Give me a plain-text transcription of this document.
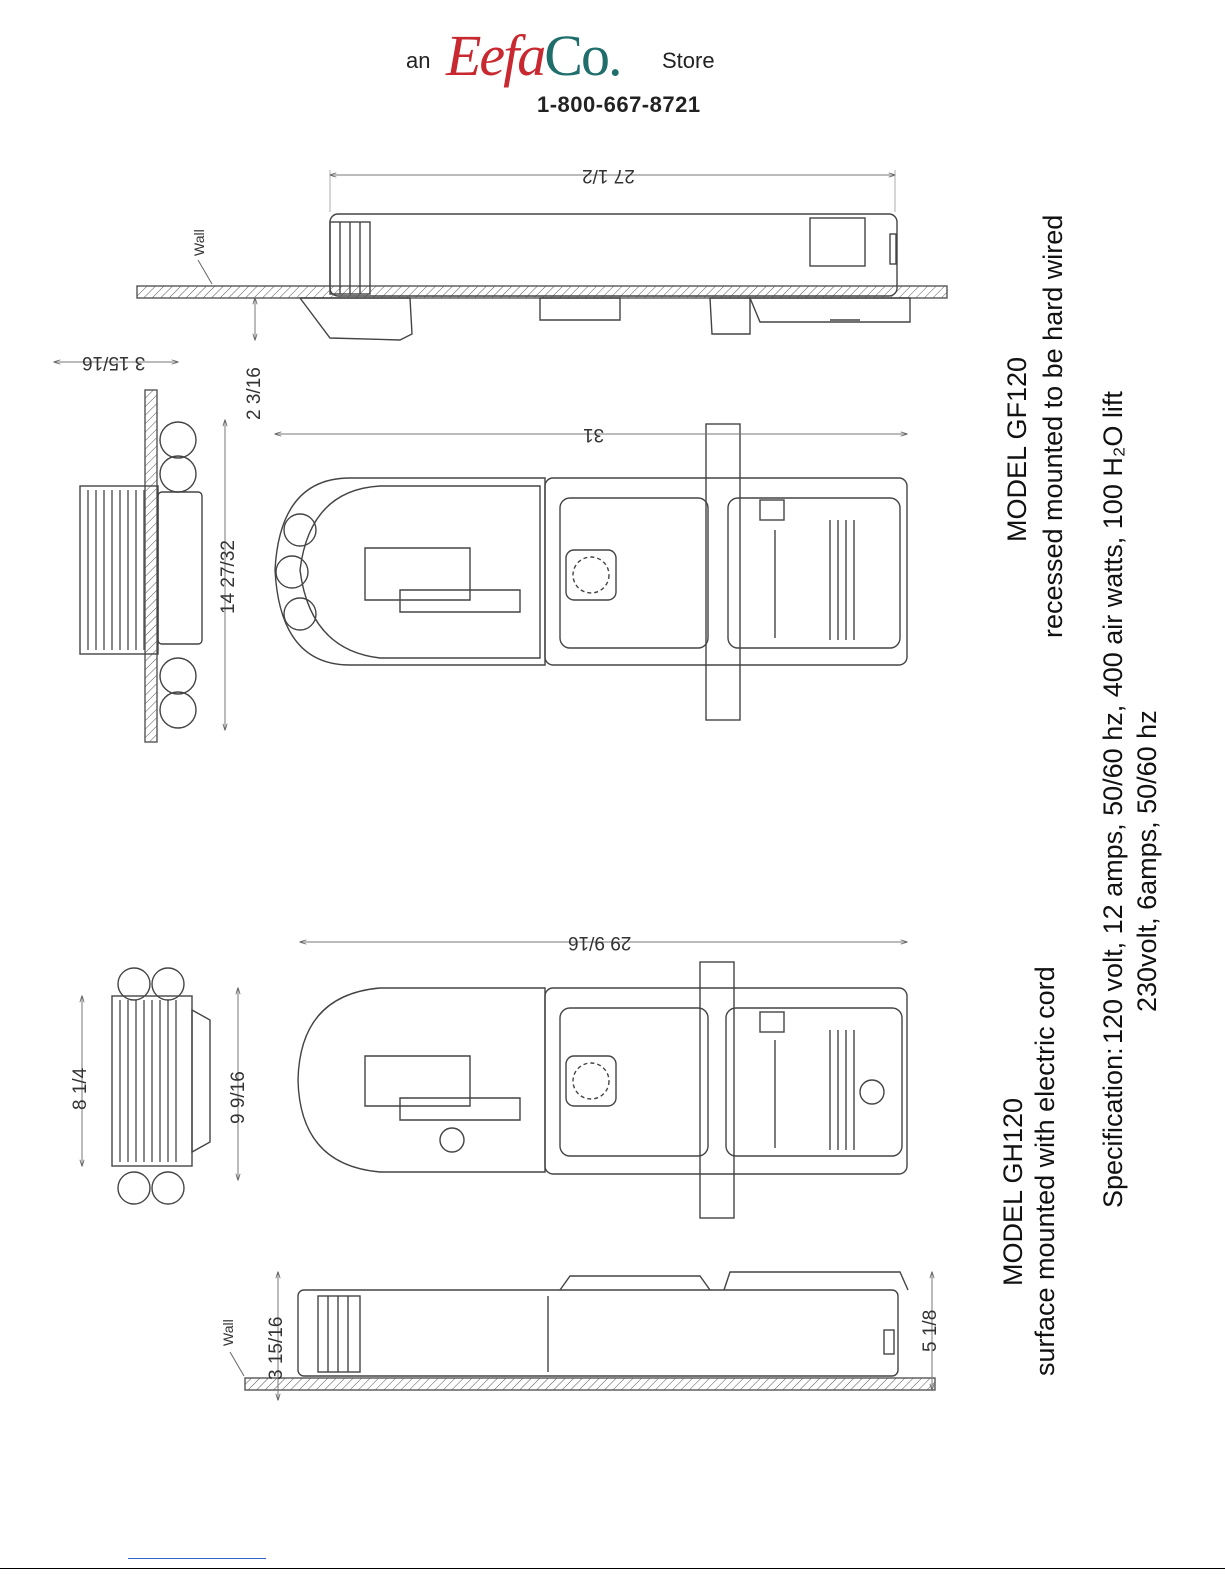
an EefaCo. Store
1-800-667-8721
27 1/2
Wall
2 3/16
3 15/16
31
14 27/32
29 9/16
8 1/4	9 9/16
Wall 3 15/16	5 1/8
MODEL GF120 recessed mounted to be hard wired
MODEL GH120 surface mounted with electric cord Specification:
120 volt, 12 amps, 50/60 hz, 400 air watts, 100 H₂O lift 230volt, 6amps, 50/60 hz
